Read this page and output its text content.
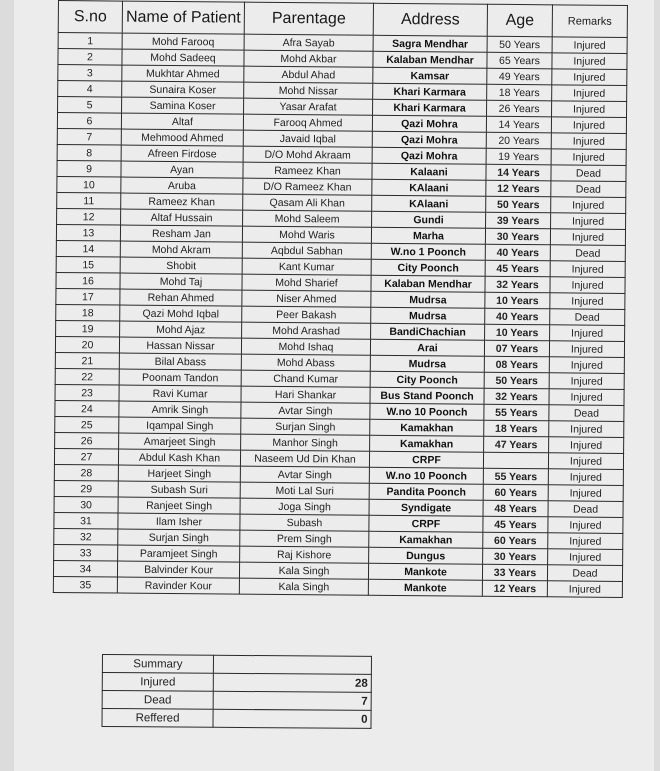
S.no	Name of Patient	Parentage	Address	Age	Remarks
1	Mohd Farooq	Afra Sayab	Sagra Mendhar	50 Years	Injured
2	Mohd Sadeeq	Mohd Akbar	Kalaban Mendhar	65 Years	Injured
3	Mukhtar Ahmed	Abdul Ahad	Kamsar	49 Years	Injured
4	Sunaira Koser	Mohd Nissar	Khari Karmara	18 Years	Injured
5	Samina Koser	Yasar Arafat	Khari Karmara	26 Years	Injured
6	Altaf	Farooq Ahmed	Qazi Mohra	14 Years	Injured
7	Mehmood Ahmed	Javaid Iqbal	Qazi Mohra	20 Years	Injured
8	Afreen Firdose	D/O Mohd Akraam	Qazi Mohra	19 Years	Injured
9	Ayan	Rameez Khan	Kalaani	14 Years	Dead
10	Aruba	D/O Rameez Khan	KAlaani	12 Years	Dead
11	Rameez Khan	Qasam Ali Khan	KAlaani	50 Years	Injured
12	Altaf Hussain	Mohd Saleem	Gundi	39 Years	Injured
13	Resham Jan	Mohd Waris	Marha	30 Years	Injured
14	Mohd Akram	Aqbdul Sabhan	W.no 1 Poonch	40 Years	Dead
15	Shobit	Kant Kumar	City Poonch	45 Years	Injured
16	Mohd Taj	Mohd Sharief	Kalaban Mendhar	32 Years	Injured
17	Rehan Ahmed	Niser Ahmed	Mudrsa	10 Years	Injured
18	Qazi Mohd Iqbal	Peer Bakash	Mudrsa	40 Years	Dead
19	Mohd Ajaz	Mohd Arashad	BandiChachian	10 Years	Injured
20	Hassan Nissar	Mohd Ishaq	Arai	07 Years	Injured
21	Bilal Abass	Mohd Abass	Mudrsa	08 Years	Injured
22	Poonam Tandon	Chand Kumar	City Poonch	50 Years	Injured
23	Ravi Kumar	Hari Shankar	Bus Stand Poonch	32 Years	Injured
24	Amrik Singh	Avtar Singh	W.no 10 Poonch	55 Years	Dead
25	Iqampal Singh	Surjan Singh	Kamakhan	18 Years	Injured
26	Amarjeet Singh	Manhor Singh	Kamakhan	47 Years	Injured
27	Abdul Kash Khan	Naseem Ud Din Khan	CRPF		Injured
28	Harjeet Singh	Avtar Singh	W.no 10 Poonch	55 Years	Injured
29	Subash Suri	Moti Lal Suri	Pandita Poonch	60 Years	Injured
30	Ranjeet Singh	Joga Singh	Syndigate	48 Years	Dead
31	Ilam Isher	Subash	CRPF	45 Years	Injured
32	Surjan Singh	Prem Singh	Kamakhan	60 Years	Injured
33	Paramjeet Singh	Raj Kishore	Dungus	30 Years	Injured
34	Balvinder Kour	Kala Singh	Mankote	33 Years	Dead
35	Ravinder Kour	Kala Singh	Mankote	12 Years	Injured
Summary	
Injured	28
Dead	7
Reffered	0
